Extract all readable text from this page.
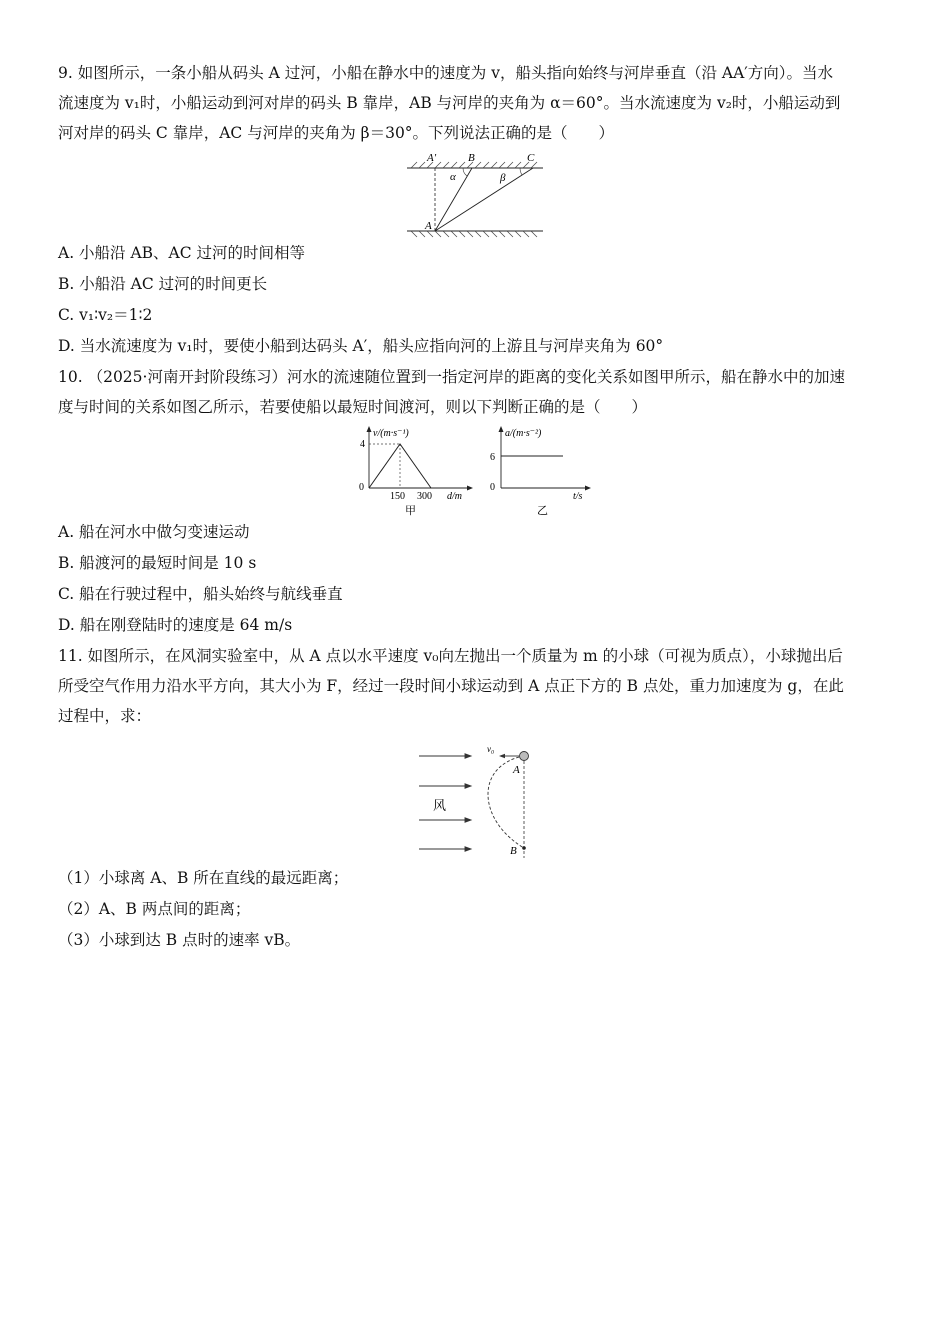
9. 如图所示，一条小船从码头 A 过河，小船在静水中的速度为 v，船头指向始终与河岸垂直（沿 AA′方向）。当水
流速度为 v₁时，小船运动到河对岸的码头 B 靠岸，AB 与河岸的夹角为 α＝60°。当水流速度为 v₂时，小船运动到
河对岸的码头 C 靠岸，AC 与河岸的夹角为 β＝30°。下列说法正确的是（　　）
A′	B	C
A
α	β
A. 小船沿 AB、AC 过河的时间相等
B. 小船沿 AC 过河的时间更长
C. v₁∶v₂＝1∶2
D. 当水流速度为 v₁时，要使小船到达码头 A′，船头应指向河的上游且与河岸夹角为 60°
10. （2025·河南开封阶段练习）河水的流速随位置到一指定河岸的距离的变化关系如图甲所示，船在静水中的加速
度与时间的关系如图乙所示，若要使船以最短时间渡河，则以下判断正确的是（　　）
v/(m·s⁻¹)
4
0
150 300 d/m
甲
a/(m·s⁻²)
6
0
t/s
乙
A. 船在河水中做匀变速运动
B. 船渡河的最短时间是 10 s
C. 船在行驶过程中，船头始终与航线垂直
D. 船在刚登陆时的速度是 64 m/s
11. 如图所示，在风洞实验室中，从 A 点以水平速度 v₀向左抛出一个质量为 m 的小球（可视为质点），小球抛出后
所受空气作用力沿水平方向，其大小为 F，经过一段时间小球运动到 A 点正下方的 B 点处，重力加速度为 g，在此
过程中，求：
风
v₀
A
B
（1）小球离 A、B 所在直线的最远距离；
（2）A、B 两点间的距离；
（3）小球到达 B 点时的速率 vB。
